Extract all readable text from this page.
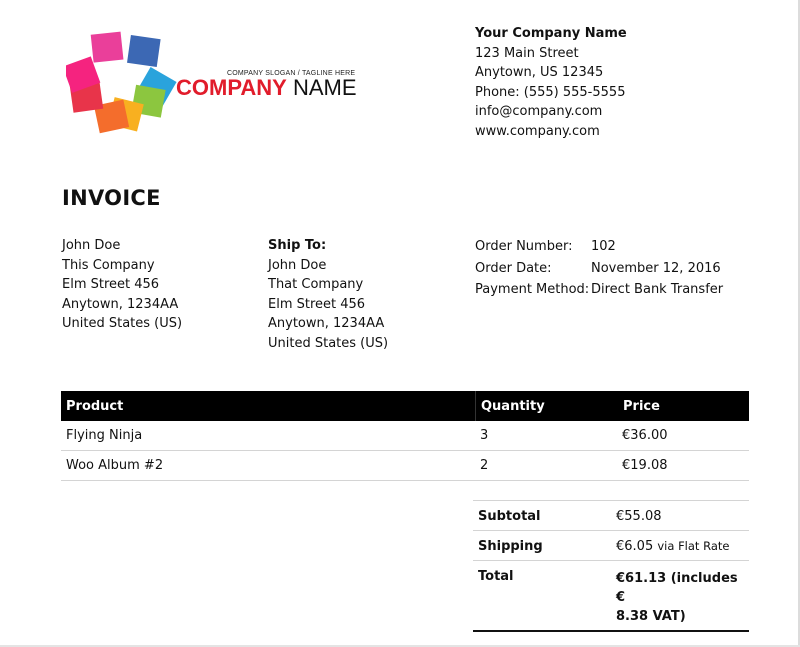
COMPANY SLOGAN / TAGLINE HERE
COMPANY NAME
Your Company Name
123 Main Street
Anytown, US 12345
Phone: (555) 555-5555
info@company.com
www.company.com
INVOICE
John Doe
This Company
Elm Street 456
Anytown, 1234AA
United States (US)
Ship To:
John Doe
That Company
Elm Street 456
Anytown, 1234AA
United States (US)
Order Number:	102
Order Date:	November 12, 2016
Payment Method: Direct Bank Transfer
Product	Quantity	Price
Flying Ninja	3	€36.00
Woo Album #2	2	€19.08
Subtotal	€55.08
Shipping	€6.05 via Flat Rate
Total	€61.13 (includes €
8.38 VAT)
